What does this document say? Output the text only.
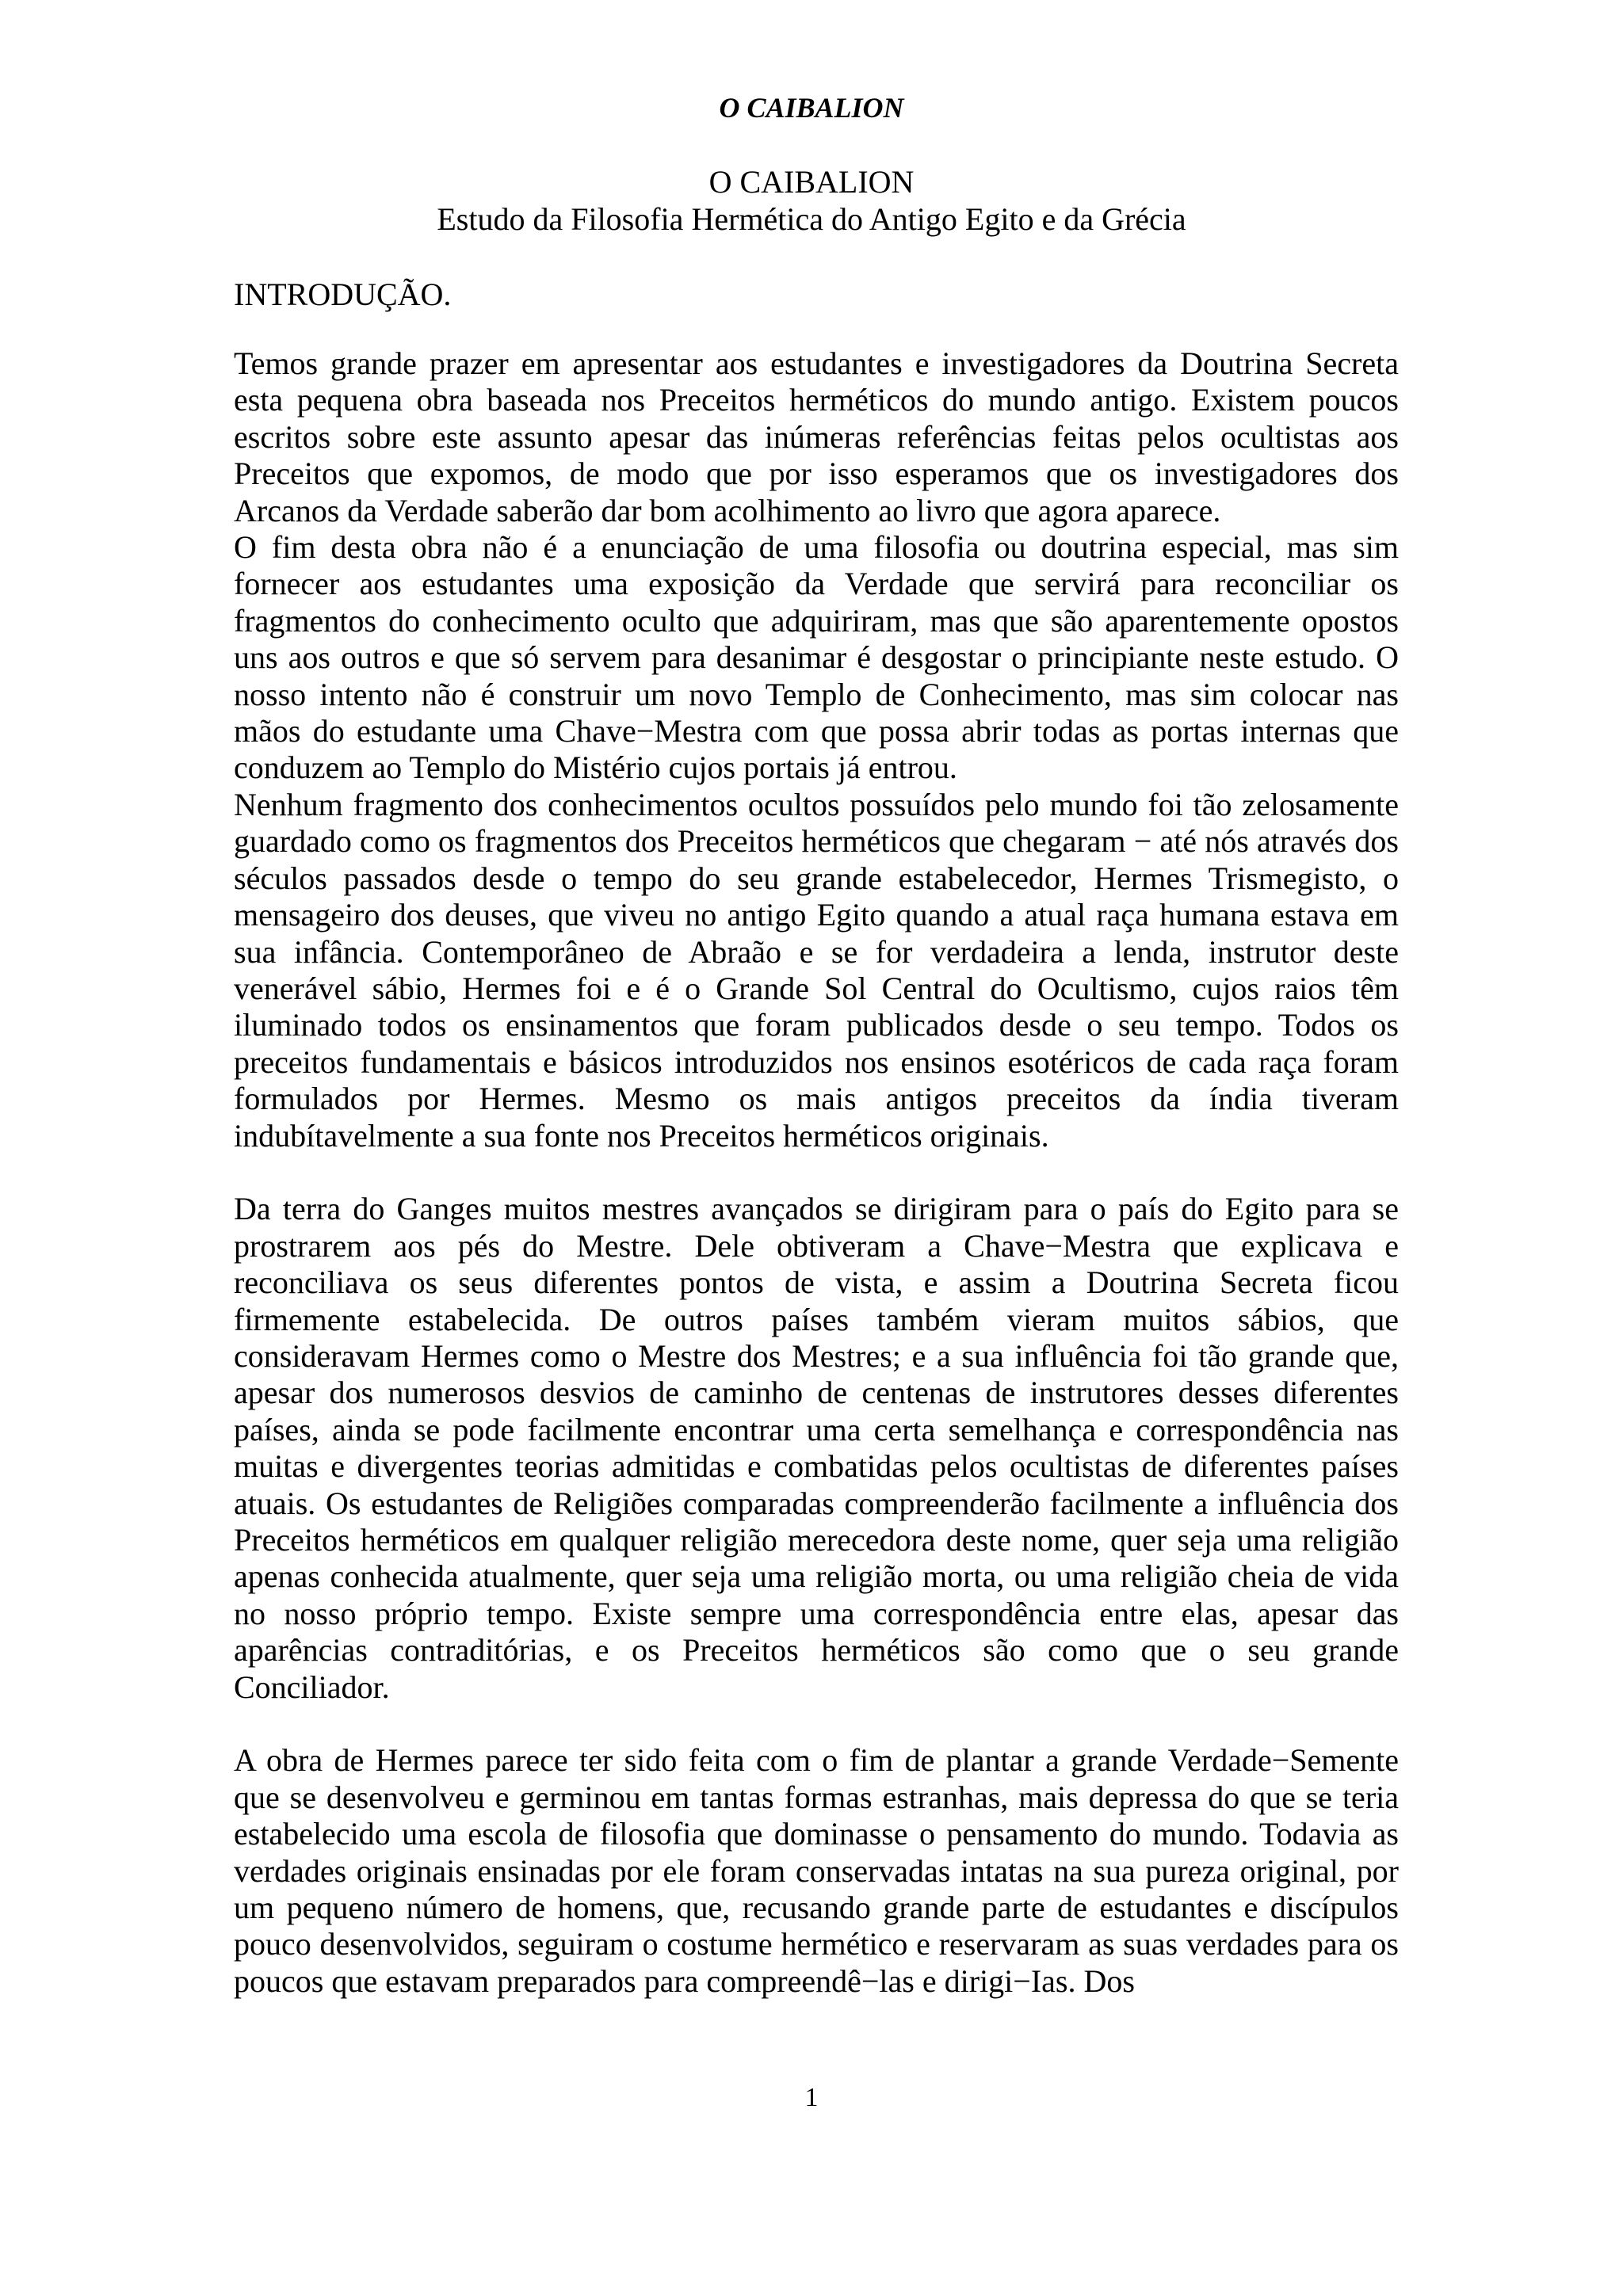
O CAIBALION
O CAIBALION
Estudo da Filosofia Hermética do Antigo Egito e da Grécia
INTRODUÇÃO.

Temos grande prazer em apresentar aos estudantes e investigadores da Doutrina Secreta esta pequena obra baseada nos Preceitos herméticos do mundo antigo. Existem poucos escritos sobre este assunto apesar das inúmeras referências feitas pelos ocultistas aos Preceitos que expomos, de modo que por isso esperamos que os investigadores dos Arcanos da Verdade saberão dar bom acolhimento ao livro que agora aparece.

O fim desta obra não é a enunciação de uma filosofia ou doutrina especial, mas sim fornecer aos estudantes uma exposição da Verdade que servirá para reconciliar os fragmentos do conhecimento oculto que adquiriram, mas que são aparentemente opostos uns aos outros e que só servem para desanimar é desgostar o principiante neste estudo. O nosso intento não é construir um novo Templo de Conhecimento, mas sim colocar nas mãos do estudante uma Chave−Mestra com que possa abrir todas as portas internas que conduzem ao Templo do Mistério cujos portais já entrou.

Nenhum fragmento dos conhecimentos ocultos possuídos pelo mundo foi tão zelosamente guardado como os fragmentos dos Preceitos herméticos que chegaram − até nós através dos séculos passados desde o tempo do seu grande estabelecedor, Hermes Trismegisto, o mensageiro dos deuses, que viveu no antigo Egito quando a atual raça humana estava em sua infância. Contemporâneo de Abraão e se for verdadeira a lenda, instrutor deste venerável sábio, Hermes foi e é o Grande Sol Central do Ocultismo, cujos raios têm iluminado todos os ensinamentos que foram publicados desde o seu tempo. Todos os preceitos fundamentais e básicos introduzidos nos ensinos esotéricos de cada raça foram formulados por Hermes. Mesmo os mais antigos preceitos da índia tiveram indubítavelmente a sua fonte nos Preceitos herméticos originais.

Da terra do Ganges muitos mestres avançados se dirigiram para o país do Egito para se prostrarem aos pés do Mestre. Dele obtiveram a Chave−Mestra que explicava e reconciliava os seus diferentes pontos de vista, e assim a Doutrina Secreta ficou firmemente estabelecida. De outros países também vieram muitos sábios, que consideravam Hermes como o Mestre dos Mestres; e a sua influência foi tão grande que, apesar dos numerosos desvios de caminho de centenas de instrutores desses diferentes países, ainda se pode facilmente encontrar uma certa semelhança e correspondência nas muitas e divergentes teorias admitidas e combatidas pelos ocultistas de diferentes países atuais. Os estudantes de Religiões comparadas compreenderão facilmente a influência dos Preceitos herméticos em qualquer religião merecedora deste nome, quer seja uma religião apenas conhecida atualmente, quer seja uma religião morta, ou uma religião cheia de vida no nosso próprio tempo. Existe sempre uma correspondência entre elas, apesar das aparências contraditórias, e os Preceitos herméticos são como que o seu grande Conciliador.

A obra de Hermes parece ter sido feita com o fim de plantar a grande Verdade−Semente que se desenvolveu e germinou em tantas formas estranhas, mais depressa do que se teria estabelecido uma escola de filosofia que dominasse o pensamento do mundo. Todavia as verdades originais ensinadas por ele foram conservadas intatas na sua pureza original, por um pequeno número de homens, que, recusando grande parte de estudantes e discípulos pouco desenvolvidos, seguiram o costume hermético e reservaram as suas verdades para os poucos que estavam preparados para compreendê−las e dirigi−Ias. Dos

1
